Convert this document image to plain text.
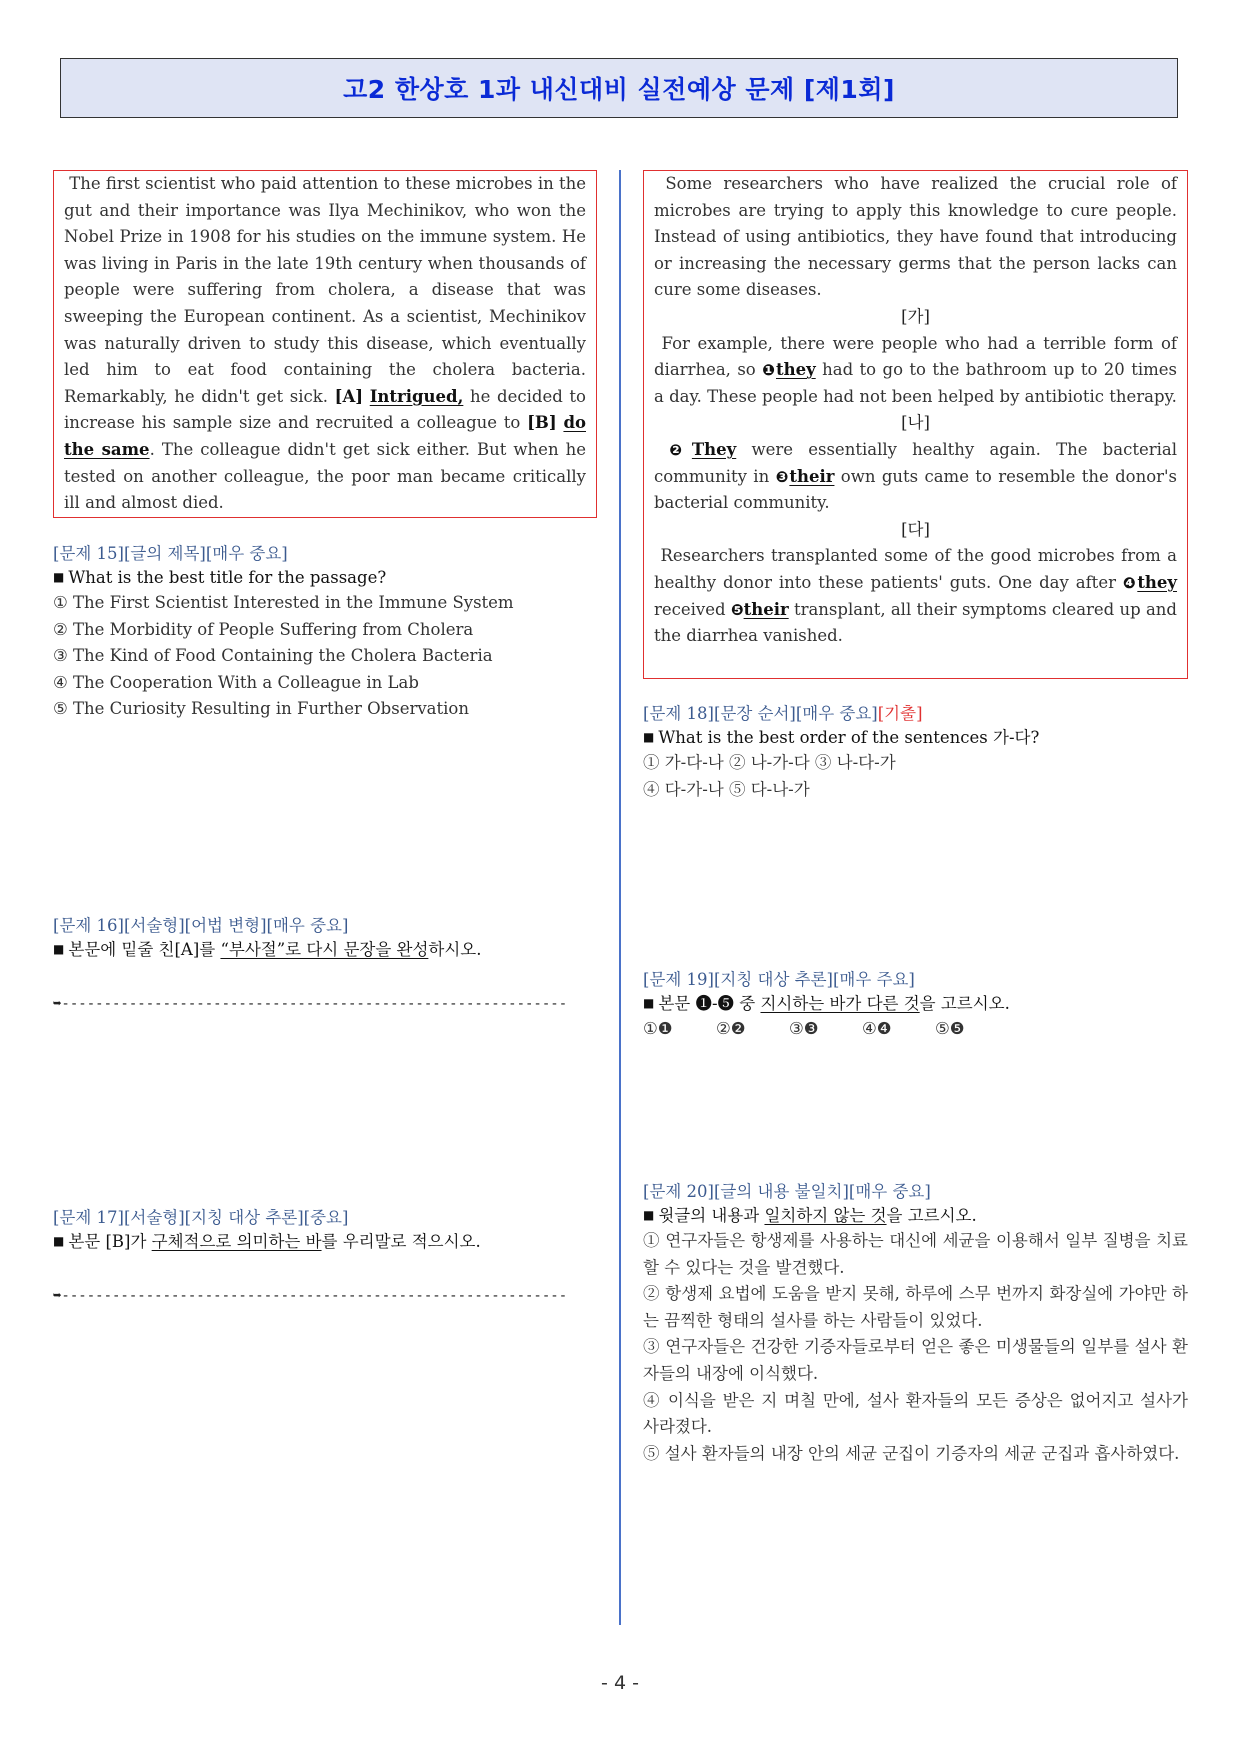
고2 한상호 1과 내신대비 실전예상 문제 [제1회]

The first scientist who paid attention to these microbes in the gut and their importance was Ilya Mechinikov, who won the Nobel Prize in 1908 for his studies on the immune system. He was living in Paris in the late 19th century when thousands of people were suffering from cholera, a disease that was sweeping the European continent. As a scientist, Mechinikov was naturally driven to study this disease, which eventually led him to eat food containing the cholera bacteria. Remarkably, he didn't get sick. [A] Intrigued, he decided to increase his sample size and recruited a colleague to [B] do the same. The colleague didn't get sick either. But when he tested on another colleague, the poor man became critically ill and almost died.

Some researchers who have realized the crucial role of microbes are trying to apply this knowledge to cure people. Instead of using antibiotics, they have found that introducing or increasing the necessary germs that the person lacks can cure some diseases.

[가]

For example, there were people who had a terrible form of diarrhea, so ❶they had to go to the bathroom up to 20 times a day. These people had not been helped by antibiotic therapy.

[나]

❷They were essentially healthy again. The bacterial community in ❸their own guts came to resemble the donor's bacterial community.

[다]

Researchers transplanted some of the good microbes from a healthy donor into these patients' guts. One day after ❹they received ❺their transplant, all their symptoms cleared up and the diarrhea vanished.

[문제 15][글의 제목][매우 중요]
■ What is the best title for the passage?
① The First Scientist Interested in the Immune System
② The Morbidity of People Suffering from Cholera
③ The Kind of Food Containing the Cholera Bacteria
④ The Cooperation With a Colleague in Lab
⑤ The Curiosity Resulting in Further Observation
[문제 16][서술형][어법 변형][매우 중요]
■ 본문에 밑줄 친[A]를 “부사절”로 다시 문장을 완성하시오.
➥------------------------------------------------------------
[문제 17][서술형][지칭 대상 추론][중요]
■ 본문 [B]가 구체적으로 의미하는 바를 우리말로 적으시오.
➥------------------------------------------------------------
[문제 18][문장 순서][매우 중요][기출]
■ What is the best order of the sentences 가-다?
① 가-다-나 ② 나-가-다 ③ 나-다-가
④ 다-가-나 ⑤ 다-나-가
[문제 19][지칭 대상 추론][매우 주요]
■ 본문 ❶-❺ 중 지시하는 바가 다른 것을 고르시오.
①❶	②❷	③❸	④❹	⑤❺
[문제 20][글의 내용 불일치][매우 중요]
■ 윗글의 내용과 일치하지 않는 것을 고르시오.
① 연구자들은 항생제를 사용하는 대신에 세균을 이용해서 일부 질병을 치료할 수 있다는 것을 발견했다.
② 항생제 요법에 도움을 받지 못해, 하루에 스무 번까지 화장실에 가야만 하는 끔찍한 형태의 설사를 하는 사람들이 있었다.
③ 연구자들은 건강한 기증자들로부터 얻은 좋은 미생물들의 일부를 설사 환자들의 내장에 이식했다.
④ 이식을 받은 지 며칠 만에, 설사 환자들의 모든 증상은 없어지고 설사가 사라졌다.
⑤ 설사 환자들의 내장 안의 세균 군집이 기증자의 세균 군집과 흡사하였다.
- 4 -
